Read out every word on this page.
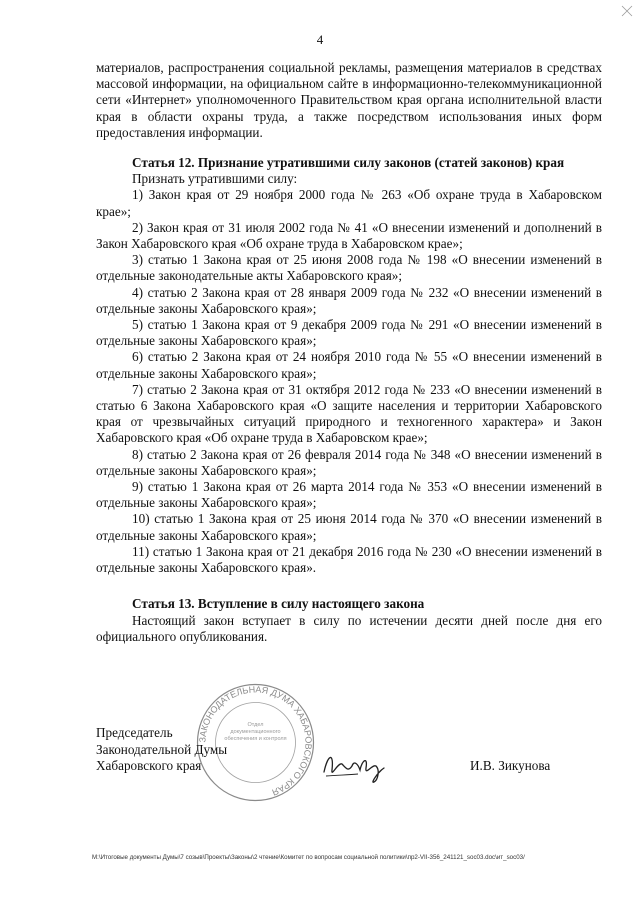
4

материалов, распространения социальной рекламы, размещения материалов в средствах массовой информации, на официальном сайте в информационно-телекоммуникационной сети «Интернет» уполномоченного Правительством края органа исполнительной власти края в области охраны труда, а также посредством использования иных форм предоставления информации.

Статья 12. Признание утратившими силу законов (статей законов) края

Признать утратившими силу:

1) Закон края от 29 ноября 2000 года № 263 «Об охране труда в Хабаровском крае»;

2) Закон края от 31 июля 2002 года № 41 «О внесении изменений и дополнений в Закон Хабаровского края «Об охране труда в Хабаровском крае»;

3) статью 1 Закона края от 25 июня 2008 года № 198 «О внесении изменений в отдельные законодательные акты Хабаровского края»;

4) статью 2 Закона края от 28 января 2009 года № 232 «О внесении изменений в отдельные законы Хабаровского края»;

5) статью 1 Закона края от 9 декабря 2009 года № 291 «О внесении изменений в отдельные законы Хабаровского края»;

6) статью 2 Закона края от 24 ноября 2010 года № 55 «О внесении изменений в отдельные законы Хабаровского края»;

7) статью 2 Закона края от 31 октября 2012 года № 233 «О внесении изменений в статью 6 Закона Хабаровского края «О защите населения и территории Хабаровского края от чрезвычайных ситуаций природного и техногенного характера» и Закон Хабаровского края «Об охране труда в Хабаровском крае»;

8) статью 2 Закона края от 26 февраля 2014 года № 348 «О внесении изменений в отдельные законы Хабаровского края»;

9) статью 1 Закона края от 26 марта 2014 года № 353 «О внесении изменений в отдельные законы Хабаровского края»;

10) статью 1 Закона края от 25 июня 2014 года № 370 «О внесении изменений в отдельные законы Хабаровского края»;

11) статью 1 Закона края от 21 декабря 2016 года № 230 «О внесении изменений в отдельные законы Хабаровского края».

Статья 13. Вступление в силу настоящего закона

Настоящий закон вступает в силу по истечении десяти дней после дня его официального опубликования.

ЗАКОНОДАТЕЛЬНАЯ ДУМА ХАБАРОВСКОГО КРАЯ
Отдел документационного обеспечения и контроля
Председатель
Законодательной Думы
Хабаровского края	И.В. Зикунова
M:\Итоговые документы Думы\7 созыв\Проекты\Законы\2 чтение\Комитет по вопросам социальной политики\пр2-VII-356_241121_soc03.doc\ит_soc03/
